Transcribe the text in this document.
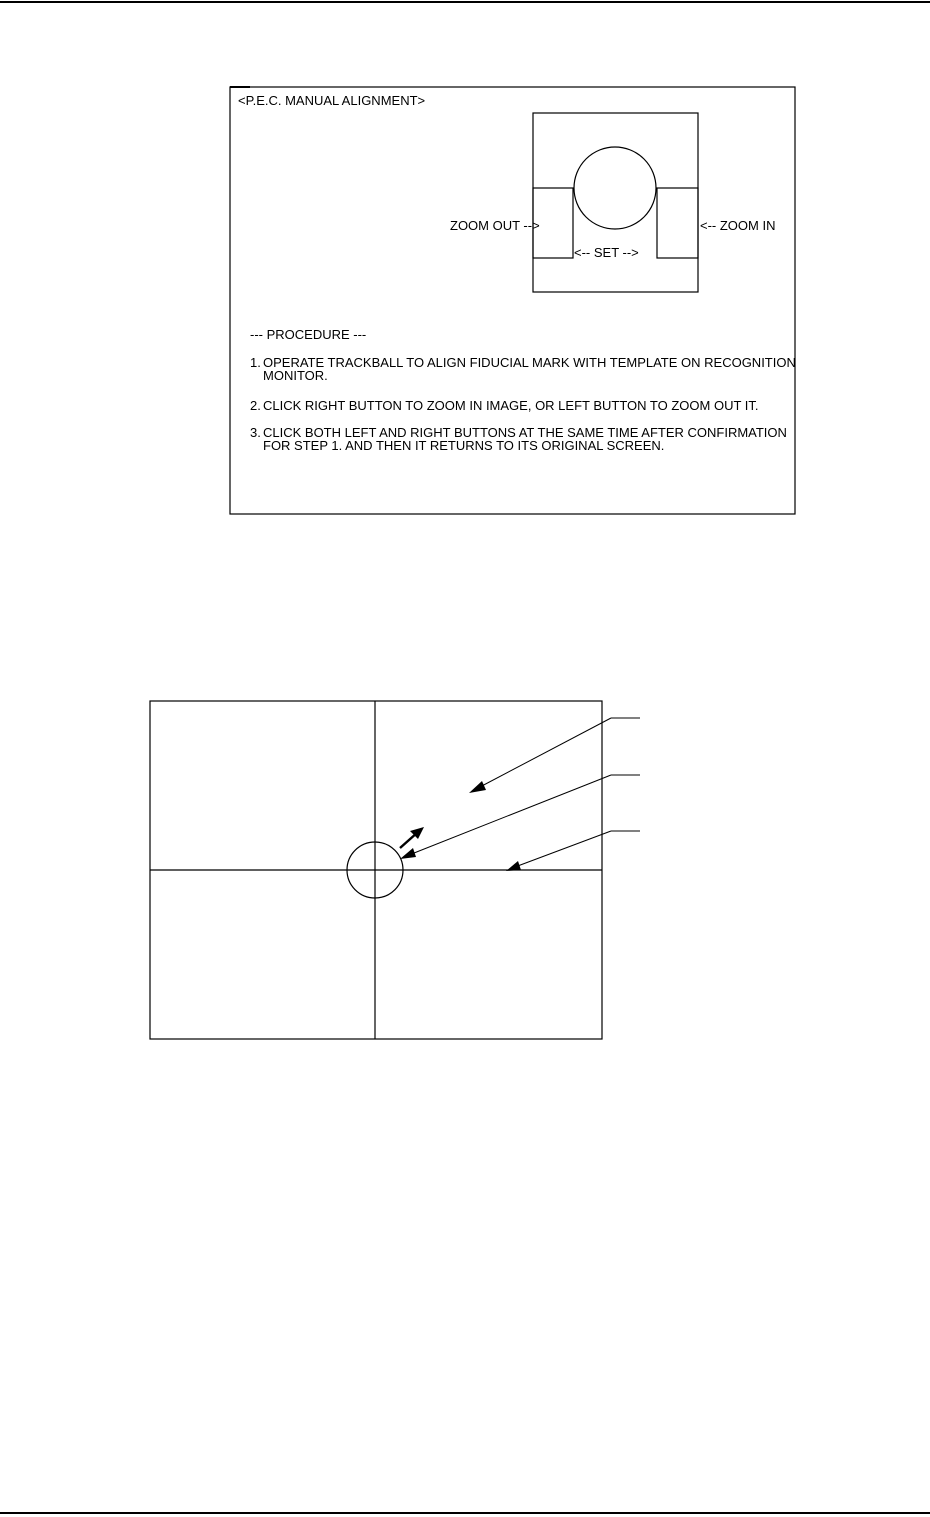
<P.E.C. MANUAL ALIGNMENT>
ZOOM OUT -->	<-- ZOOM IN
<-- SET -->
--- PROCEDURE ---
1. OPERATE TRACKBALL TO ALIGN FIDUCIAL MARK WITH TEMPLATE ON RECOGNITION
MONITOR.
2. CLICK RIGHT BUTTON TO ZOOM IN IMAGE, OR LEFT BUTTON TO ZOOM OUT IT.
3. CLICK BOTH LEFT AND RIGHT BUTTONS AT THE SAME TIME AFTER CONFIRMATION
FOR STEP 1. AND THEN IT RETURNS TO ITS ORIGINAL SCREEN.
